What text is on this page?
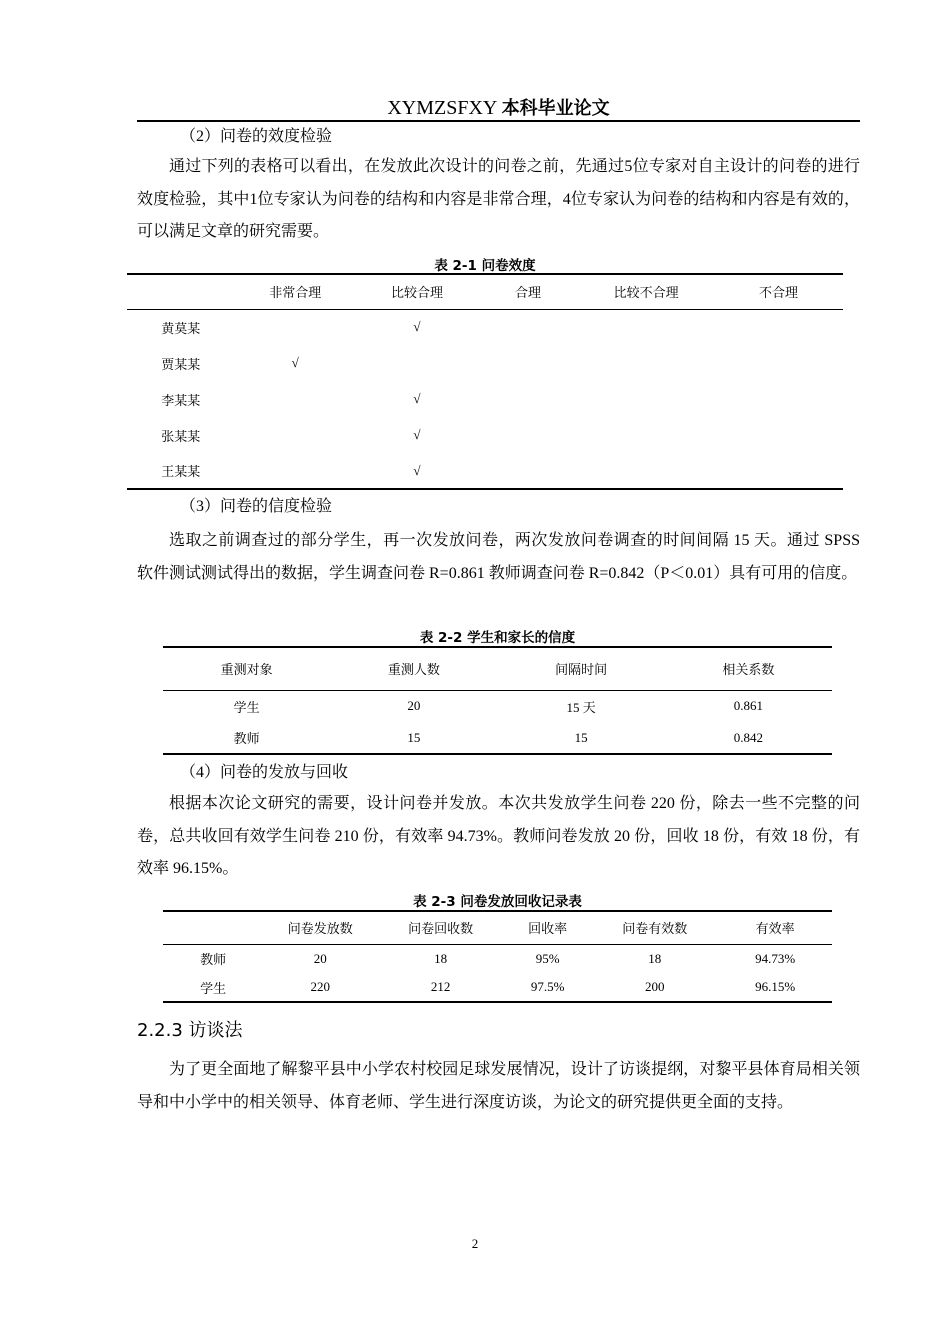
XYMZSFXY 本科毕业论文
（2）问卷的效度检验
通过下列的表格可以看出，在发放此次设计的问卷之前，先通过5位专家对自主设计的问卷的进行效度检验，其中1位专家认为问卷的结构和内容是非常合理，4位专家认为问卷的结构和内容是有效的，可以满足文章的研究需要。
表 2-1 问卷效度
	非常合理	比较合理	合理	比较不合理	不合理
黄莫某		√			
贾某某	√				
李某某		√			
张某某		√			
王某某		√			
（3）问卷的信度检验
选取之前调查过的部分学生，再一次发放问卷，两次发放问卷调查的时间间隔 15 天。通过 SPSS 软件测试测试得出的数据，学生调查问卷 R=0.861 教师调查问卷 R=0.842（P＜0.01）具有可用的信度。
表 2-2 学生和家长的信度
重测对象	重测人数	间隔时间	相关系数
学生	20	15 天	0.861
教师	15	15	0.842
（4）问卷的发放与回收
根据本次论文研究的需要，设计问卷并发放。本次共发放学生问卷 220 份，除去一些不完整的问卷，总共收回有效学生问卷 210 份，有效率 94.73%。教师问卷发放 20 份，回收 18 份，有效 18 份，有效率 96.15%。
表 2-3 问卷发放回收记录表
	问卷发放数	问卷回收数	回收率	问卷有效数	有效率
教师	20	18	95%	18	94.73%
学生	220	212	97.5%	200	96.15%
2.2.3 访谈法
为了更全面地了解黎平县中小学农村校园足球发展情况，设计了访谈提纲，对黎平县体育局相关领导和中小学中的相关领导、体育老师、学生进行深度访谈，为论文的研究提供更全面的支持。
2
